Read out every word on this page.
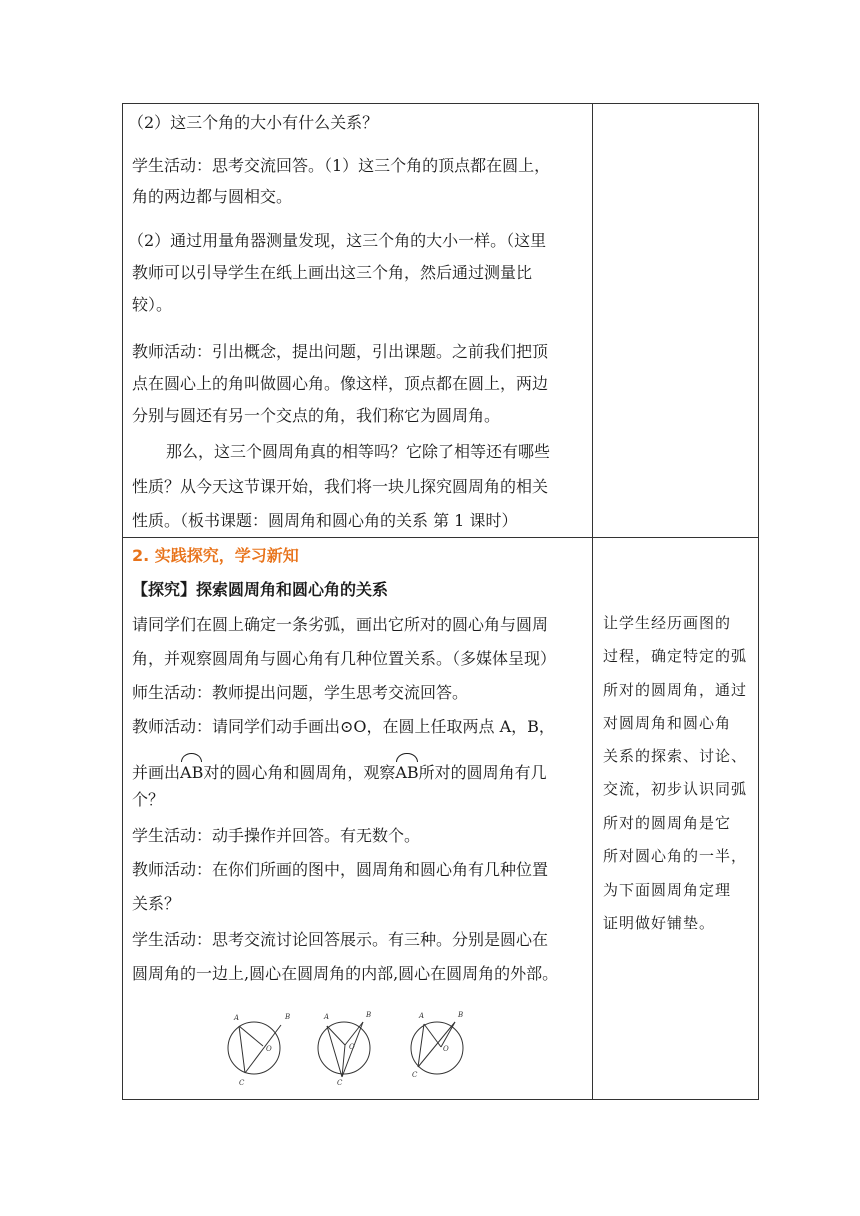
（2）这三个角的大小有什么关系？
学生活动：思考交流回答。（1）这三个角的顶点都在圆上，
角的两边都与圆相交。
（2）通过用量角器测量发现，这三个角的大小一样。（这里
教师可以引导学生在纸上画出这三个角，然后通过测量比
较）。
教师活动：引出概念，提出问题，引出课题。之前我们把顶
点在圆心上的角叫做圆心角。像这样，顶点都在圆上，两边
分别与圆还有另一个交点的角，我们称它为圆周角。
那么，这三个圆周角真的相等吗？它除了相等还有哪些
性质？从今天这节课开始，我们将一块儿探究圆周角的相关
性质。（板书课题：圆周角和圆心角的关系 第 1 课时）
2. 实践探究，学习新知
【探究】探索圆周角和圆心角的关系
请同学们在圆上确定一条劣弧，画出它所对的圆心角与圆周
角，并观察圆周角与圆心角有几种位置关系。（多媒体呈现）
师生活动：教师提出问题，学生思考交流回答。
教师活动：请同学们动手画出⊙O，在圆上任取两点 A，B，
并画出
AB对的圆心角和圆周角，观察
AB所对的圆周角有几
个？
学生活动：动手操作并回答。有无数个。
教师活动：在你们所画的图中，圆周角和圆心角有几种位置
关系？
学生活动：思考交流讨论回答展示。有三种。分别是圆心在
圆周角的一边上,圆心在圆周角的内部,圆心在圆周角的外部。
A	B
C
O
A	B
C
O
A	B
C
O
让学生经历画图的
过程，确定特定的弧
所对的圆周角，通过
对圆周角和圆心角
关系的探索、讨论、
交流，初步认识同弧
所对的圆周角是它
所对圆心角的一半，
为下面圆周角定理
证明做好铺垫。
